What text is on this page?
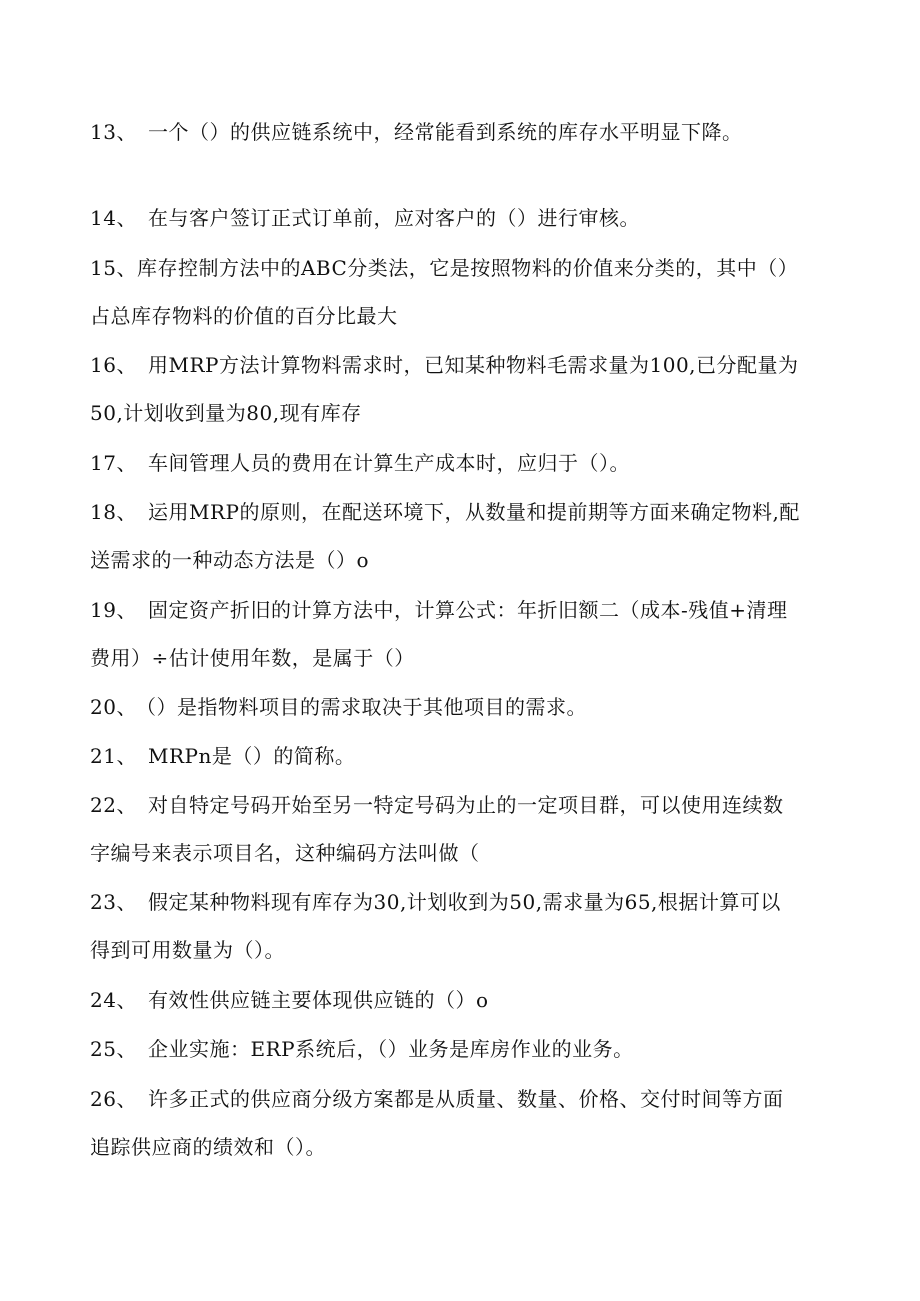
13、 一个（）的供应链系统中，经常能看到系统的库存水平明显下降。
14、 在与客户签订正式订单前，应对客户的（）进行审核。
15、库存控制方法中的ABC分类法，它是按照物料的价值来分类的，其中（）
占总库存物料的价值的百分比最大
16、 用MRP方法计算物料需求时，已知某种物料毛需求量为100,已分配量为
50,计划收到量为80,现有库存
17、 车间管理人员的费用在计算生产成本时，应归于（）。
18、 运用MRP的原则，在配送环境下，从数量和提前期等方面来确定物料,配
送需求的一种动态方法是（）o
19、 固定资产折旧的计算方法中，计算公式：年折旧额二（成本-残值+清理
费用）÷估计使用年数，是属于（）
20、（）是指物料项目的需求取决于其他项目的需求。
21、 MRPn是（）的简称。
22、 对自特定号码开始至另一特定号码为止的一定项目群，可以使用连续数
字编号来表示项目名，这种编码方法叫做（
23、 假定某种物料现有库存为30,计划收到为50,需求量为65,根据计算可以
得到可用数量为（）。
24、 有效性供应链主要体现供应链的（）o
25、 企业实施：ERP系统后，（）业务是库房作业的业务。
26、 许多正式的供应商分级方案都是从质量、数量、价格、交付时间等方面
追踪供应商的绩效和（）。
